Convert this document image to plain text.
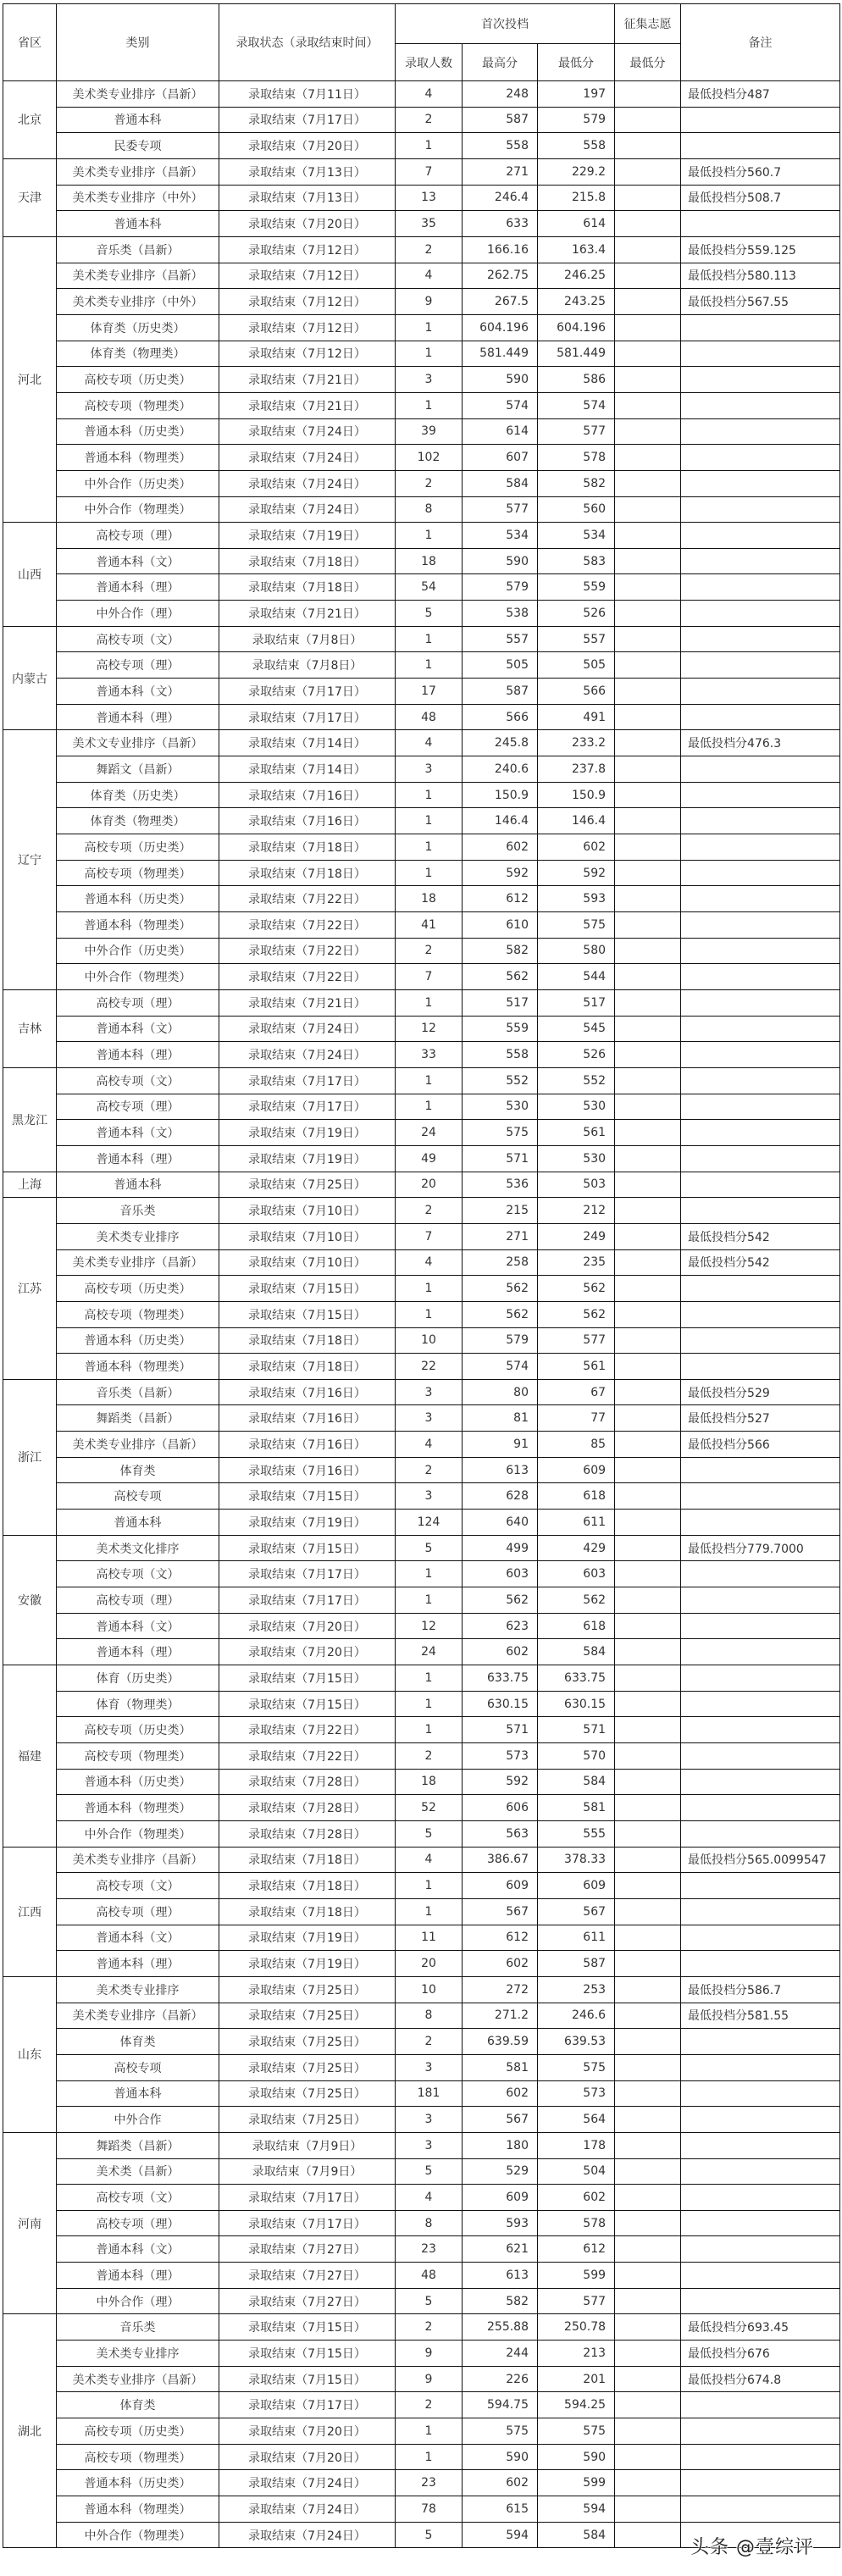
省区	类别	录取状态（录取结束时间）	首次投档			征集志愿	备注
			录取人数	最高分	最低分	最低分	
北京	美术类专业排序（昌新）	录取结束（7月11日）	4	248	197		最低投档分487
	普通本科	录取结束（7月17日）	2	587	579		
	民委专项	录取结束（7月20日）	1	558	558		
天津	美术类专业排序（昌新）	录取结束（7月13日）	7	271	229.2		最低投档分560.7
	美术类专业排序（中外）	录取结束（7月13日）	13	246.4	215.8		最低投档分508.7
	普通本科	录取结束（7月20日）	35	633	614		
河北	音乐类（昌新）	录取结束（7月12日）	2	166.16	163.4		最低投档分559.125
	美术类专业排序（昌新）	录取结束（7月12日）	4	262.75	246.25		最低投档分580.113
	美术类专业排序（中外）	录取结束（7月12日）	9	267.5	243.25		最低投档分567.55
	体育类（历史类）	录取结束（7月12日）	1	604.196	604.196		
	体育类（物理类）	录取结束（7月12日）	1	581.449	581.449		
	高校专项（历史类）	录取结束（7月21日）	3	590	586		
	高校专项（物理类）	录取结束（7月21日）	1	574	574		
	普通本科（历史类）	录取结束（7月24日）	39	614	577		
	普通本科（物理类）	录取结束（7月24日）	102	607	578		
	中外合作（历史类）	录取结束（7月24日）	2	584	582		
	中外合作（物理类）	录取结束（7月24日）	8	577	560		
山西	高校专项（理）	录取结束（7月19日）	1	534	534		
	普通本科（文）	录取结束（7月18日）	18	590	583		
	普通本科（理）	录取结束（7月18日）	54	579	559		
	中外合作（理）	录取结束（7月21日）	5	538	526		
内蒙古	高校专项（文）	录取结束（7月8日）	1	557	557		
	高校专项（理）	录取结束（7月8日）	1	505	505		
	普通本科（文）	录取结束（7月17日）	17	587	566		
	普通本科（理）	录取结束（7月17日）	48	566	491		
辽宁	美术文专业排序（昌新）	录取结束（7月14日）	4	245.8	233.2		最低投档分476.3
	舞蹈文（昌新）	录取结束（7月14日）	3	240.6	237.8		
	体育类（历史类）	录取结束（7月16日）	1	150.9	150.9		
	体育类（物理类）	录取结束（7月16日）	1	146.4	146.4		
	高校专项（历史类）	录取结束（7月18日）	1	602	602		
	高校专项（物理类）	录取结束（7月18日）	1	592	592		
	普通本科（历史类）	录取结束（7月22日）	18	612	593		
	普通本科（物理类）	录取结束（7月22日）	41	610	575		
	中外合作（历史类）	录取结束（7月22日）	2	582	580		
	中外合作（物理类）	录取结束（7月22日）	7	562	544		
吉林	高校专项（理）	录取结束（7月21日）	1	517	517		
	普通本科（文）	录取结束（7月24日）	12	559	545		
	普通本科（理）	录取结束（7月24日）	33	558	526		
黑龙江	高校专项（文）	录取结束（7月17日）	1	552	552		
	高校专项（理）	录取结束（7月17日）	1	530	530		
	普通本科（文）	录取结束（7月19日）	24	575	561		
	普通本科（理）	录取结束（7月19日）	49	571	530		
上海	普通本科	录取结束（7月25日）	20	536	503		
江苏	音乐类	录取结束（7月10日）	2	215	212		
	美术类专业排序	录取结束（7月10日）	7	271	249		最低投档分542
	美术类专业排序（昌新）	录取结束（7月10日）	4	258	235		最低投档分542
	高校专项（历史类）	录取结束（7月15日）	1	562	562		
	高校专项（物理类）	录取结束（7月15日）	1	562	562		
	普通本科（历史类）	录取结束（7月18日）	10	579	577		
	普通本科（物理类）	录取结束（7月18日）	22	574	561		
浙江	音乐类（昌新）	录取结束（7月16日）	3	80	67		最低投档分529
	舞蹈类（昌新）	录取结束（7月16日）	3	81	77		最低投档分527
	美术类专业排序（昌新）	录取结束（7月16日）	4	91	85		最低投档分566
	体育类	录取结束（7月16日）	2	613	609		
	高校专项	录取结束（7月15日）	3	628	618		
	普通本科	录取结束（7月19日）	124	640	611		
安徽	美术类文化排序	录取结束（7月15日）	5	499	429		最低投档分779.7000
	高校专项（文）	录取结束（7月17日）	1	603	603		
	高校专项（理）	录取结束（7月17日）	1	562	562		
	普通本科（文）	录取结束（7月20日）	12	623	618		
	普通本科（理）	录取结束（7月20日）	24	602	584		
福建	体育（历史类）	录取结束（7月15日）	1	633.75	633.75		
	体育（物理类）	录取结束（7月15日）	1	630.15	630.15		
	高校专项（历史类）	录取结束（7月22日）	1	571	571		
	高校专项（物理类）	录取结束（7月22日）	2	573	570		
	普通本科（历史类）	录取结束（7月28日）	18	592	584		
	普通本科（物理类）	录取结束（7月28日）	52	606	581		
	中外合作（物理类）	录取结束（7月28日）	5	563	555		
江西	美术类专业排序（昌新）	录取结束（7月18日）	4	386.67	378.33		最低投档分565.0099547
	高校专项（文）	录取结束（7月18日）	1	609	609		
	高校专项（理）	录取结束（7月18日）	1	567	567		
	普通本科（文）	录取结束（7月19日）	11	612	611		
	普通本科（理）	录取结束（7月19日）	20	602	587		
山东	美术类专业排序	录取结束（7月25日）	10	272	253		最低投档分586.7
	美术类专业排序（昌新）	录取结束（7月25日）	8	271.2	246.6		最低投档分581.55
	体育类	录取结束（7月25日）	2	639.59	639.53		
	高校专项	录取结束（7月25日）	3	581	575		
	普通本科	录取结束（7月25日）	181	602	573		
	中外合作	录取结束（7月25日）	3	567	564		
河南	舞蹈类（昌新）	录取结束（7月9日）	3	180	178		
	美术类（昌新）	录取结束（7月9日）	5	529	504		
	高校专项（文）	录取结束（7月17日）	4	609	602		
	高校专项（理）	录取结束（7月17日）	8	593	578		
	普通本科（文）	录取结束（7月27日）	23	621	612		
	普通本科（理）	录取结束（7月27日）	48	613	599		
	中外合作（理）	录取结束（7月27日）	5	582	577		
湖北	音乐类	录取结束（7月15日）	2	255.88	250.78		最低投档分693.45
	美术类专业排序	录取结束（7月15日）	9	244	213		最低投档分676
	美术类专业排序（昌新）	录取结束（7月15日）	9	226	201		最低投档分674.8
	体育类	录取结束（7月17日）	2	594.75	594.25		
	高校专项（历史类）	录取结束（7月20日）	1	575	575		
	高校专项（物理类）	录取结束（7月20日）	1	590	590		
	普通本科（历史类）	录取结束（7月24日）	23	602	599		
	普通本科（物理类）	录取结束（7月24日）	78	615	594		
	中外合作（物理类）	录取结束（7月24日）	5	594	584		
头条 @壹综评
